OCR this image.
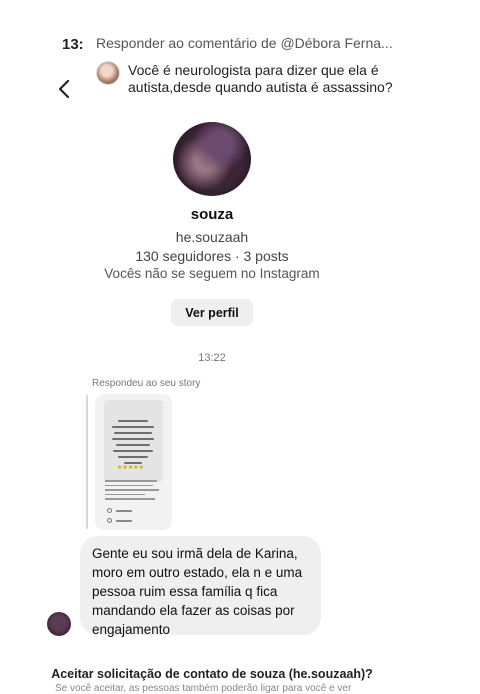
13: Responder ao comentário de @Débora Ferna...
Você é neurologista para dizer que ela é autista,desde quando autista é assassino?
souza
he.souzaah
130 seguidores · 3 posts
Vocês não se seguem no Instagram
Ver perfil
13:22
Respondeu ao seu story
★★★★★
Gente eu sou irmã dela de Karina, moro em outro estado, ela n e uma pessoa ruim essa família q fica mandando ela fazer as coisas por engajamento
Aceitar solicitação de contato de souza (he.souzaah)?
Se você aceitar, as pessoas também poderão ligar para você e ver
